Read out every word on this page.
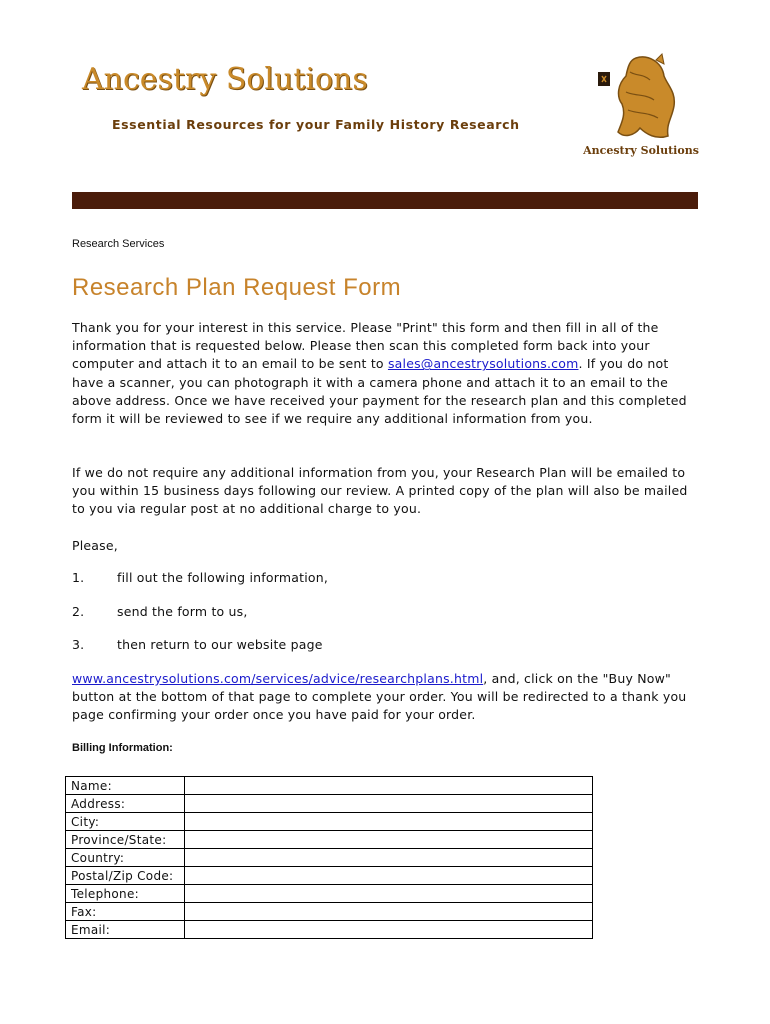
Ancestry Solutions
Essential Resources for your Family History Research
Ancestry Solutions
Research Services
Research Plan Request Form
Thank you for your interest in this service. Please "Print" this form and then fill in all of the information that is requested below. Please then scan this completed form back into your computer and attach it to an email to be sent to sales@ancestrysolutions.com. If you do not have a scanner, you can photograph it with a camera phone and attach it to an email to the above address. Once we have received your payment for the research plan and this completed form it will be reviewed to see if we require any additional information from you.
If we do not require any additional information from you, your Research Plan will be emailed to you within 15 business days following our review. A printed copy of the plan will also be mailed to you via regular post at no additional charge to you.
Please,
1.	fill out the following information,
2.	send the form to us,
3.	then return to our website page
www.ancestrysolutions.com/services/advice/researchplans.html, and, click on the "Buy Now" button at the bottom of that page to complete your order. You will be redirected to a thank you page confirming your order once you have paid for your order.
Billing Information:
Name:	
Address:	
City:	
Province/State:	
Country:	
Postal/Zip Code:	
Telephone:	
Fax:	
Email:	
